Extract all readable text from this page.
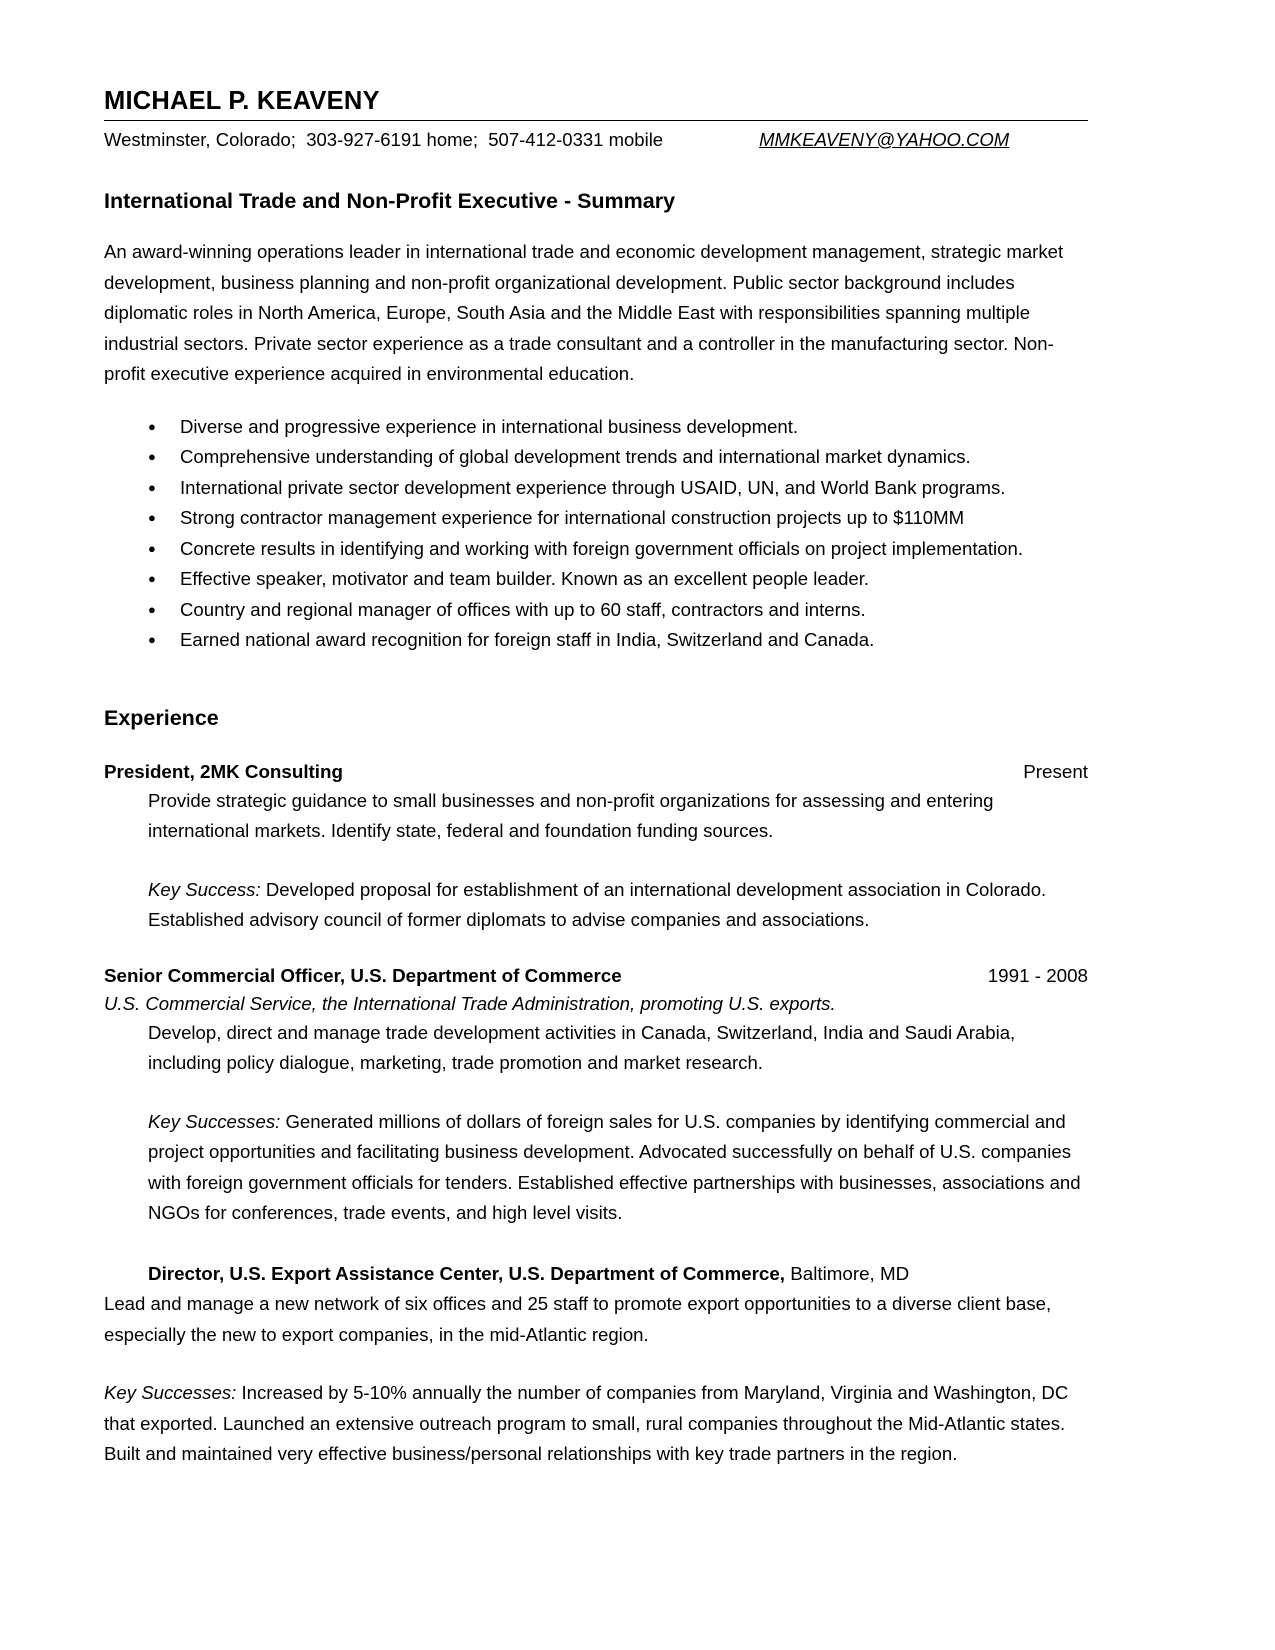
MICHAEL P. KEAVENY
Westminster, Colorado;  303-927-6191 home;  507-412-0331 mobile	MMKEAVENY@YAHOO.COM
International Trade and Non-Profit Executive - Summary

An award-winning operations leader in international trade and economic development management, strategic market development, business planning and non-profit organizational development. Public sector background includes diplomatic roles in North America, Europe, South Asia and the Middle East with responsibilities spanning multiple industrial sectors. Private sector experience as a trade consultant and a controller in the manufacturing sector. Non-profit executive experience acquired in environmental education.

● Diverse and progressive experience in international business development.
● Comprehensive understanding of global development trends and international market dynamics.
● International private sector development experience through USAID, UN, and World Bank programs.
● Strong contractor management experience for international construction projects up to $110MM
● Concrete results in identifying and working with foreign government officials on project implementation.
● Effective speaker, motivator and team builder. Known as an excellent people leader.
● Country and regional manager of offices with up to 60 staff, contractors and interns.
● Earned national award recognition for foreign staff in India, Switzerland and Canada.
Experience
President, 2MK Consulting	Present

Provide strategic guidance to small businesses and non-profit organizations for assessing and entering international markets. Identify state, federal and foundation funding sources.

Key Success: Developed proposal for establishment of an international development association in Colorado. Established advisory council of former diplomats to advise companies and associations.

Senior Commercial Officer, U.S. Department of Commerce	1991 - 2008

U.S. Commercial Service, the International Trade Administration, promoting U.S. exports.

Develop, direct and manage trade development activities in Canada, Switzerland, India and Saudi Arabia, including policy dialogue, marketing, trade promotion and market research.

Key Successes: Generated millions of dollars of foreign sales for U.S. companies by identifying commercial and project opportunities and facilitating business development. Advocated successfully on behalf of U.S. companies with foreign government officials for tenders. Established effective partnerships with businesses, associations and NGOs for conferences, trade events, and high level visits.

Director, U.S. Export Assistance Center, U.S. Department of Commerce, Baltimore, MD

Lead and manage a new network of six offices and 25 staff to promote export opportunities to a diverse client base, especially the new to export companies, in the mid-Atlantic region.

Key Successes: Increased by 5-10% annually the number of companies from Maryland, Virginia and Washington, DC that exported. Launched an extensive outreach program to small, rural companies throughout the Mid-Atlantic states. Built and maintained very effective business/personal relationships with key trade partners in the region.
